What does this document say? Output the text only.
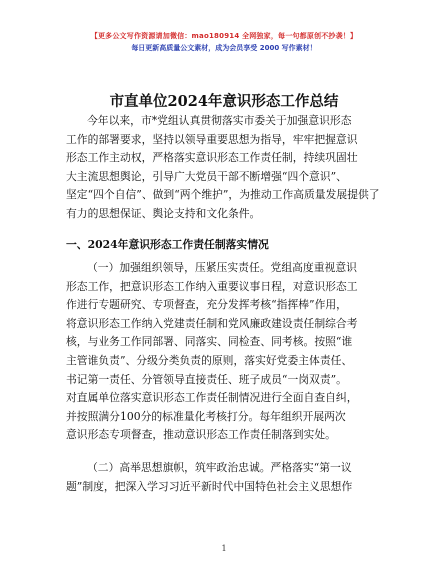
【更多公文写作资源请加微信：mao180914 全网独家，每一句都原创不抄袭！】
每日更新高质量公文素材，成为会员享受 2000 写作素材！
市直单位2024年意识形态工作总结

今年以来，市*党组认真贯彻落实市委关于加强意识形态

工作的部署要求，坚持以领导重要思想为指导，牢牢把握意识

形态工作主动权，严格落实意识形态工作责任制，持续巩固壮

大主流思想舆论，引导广大党员干部不断增强“四个意识”、

坚定“四个自信”、做到“两个维护”，为推动工作高质量发展提供了

有力的思想保证、舆论支持和文化条件。

一、2024年意识形态工作责任制落实情况

（一）加强组织领导，压紧压实责任。党组高度重视意识

形态工作，把意识形态工作纳入重要议事日程，对意识形态工

作进行专题研究、专项督查，充分发挥考核“指挥棒”作用，

将意识形态工作纳入党建责任制和党风廉政建设责任制综合考

核，与业务工作同部署、同落实、同检查、同考核。按照“谁

主管谁负责”、分级分类负责的原则，落实好党委主体责任、

书记第一责任、分管领导直接责任、班子成员“一岗双责”。

对直属单位落实意识形态工作责任制情况进行全面自查自纠，

并按照满分100分的标准量化考核打分。每年组织开展两次

意识形态专项督查，推动意识形态工作责任制落到实处。

（二）高举思想旗帜，筑牢政治忠诚。严格落实“第一议

题”制度，把深入学习习近平新时代中国特色社会主义思想作

1
